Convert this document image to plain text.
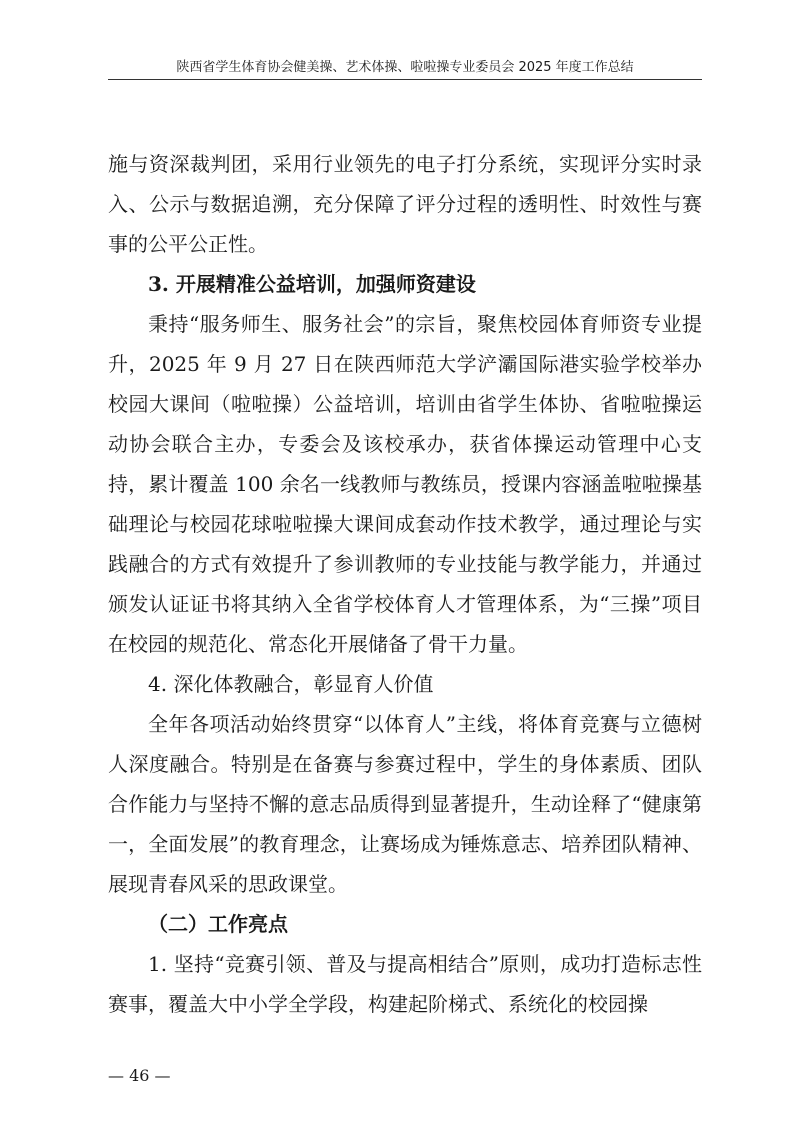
陕西省学生体育协会健美操、艺术体操、啦啦操专业委员会 2025 年度工作总结

施与资深裁判团，采用行业领先的电子打分系统，实现评分实时录入、公示与数据追溯，充分保障了评分过程的透明性、时效性与赛事的公平公正性。

3. 开展精准公益培训，加强师资建设

秉持“服务师生、服务社会”的宗旨，聚焦校园体育师资专业提升，2025 年 9 月 27 日在陕西师范大学浐灞国际港实验学校举办校园大课间（啦啦操）公益培训，培训由省学生体协、省啦啦操运动协会联合主办，专委会及该校承办，获省体操运动管理中心支持，累计覆盖 100 余名一线教师与教练员，授课内容涵盖啦啦操基础理论与校园花球啦啦操大课间成套动作技术教学，通过理论与实践融合的方式有效提升了参训教师的专业技能与教学能力，并通过颁发认证证书将其纳入全省学校体育人才管理体系，为“三操”项目在校园的规范化、常态化开展储备了骨干力量。

4. 深化体教融合，彰显育人价值

全年各项活动始终贯穿“以体育人”主线，将体育竞赛与立德树人深度融合。特别是在备赛与参赛过程中，学生的身体素质、团队合作能力与坚持不懈的意志品质得到显著提升，生动诠释了“健康第一，全面发展”的教育理念，让赛场成为锤炼意志、培养团队精神、展现青春风采的思政课堂。

（二）工作亮点

1. 坚持“竞赛引领、普及与提高相结合”原则，成功打造标志性赛事，覆盖大中小学全学段，构建起阶梯式、系统化的校园操

— 46 —
